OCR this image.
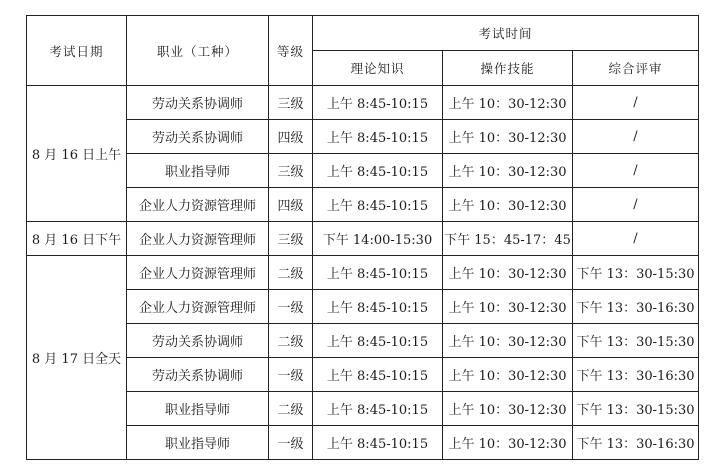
考试日期	职业（工种）	等级	考试时间		
			理论知识	操作技能	综合评审
8 月 16 日上午	劳动关系协调师	三级	上午 8:45-10:15	上午 10：30-12:30	/
	劳动关系协调师	四级	上午 8:45-10:15	上午 10：30-12:30	/
	职业指导师	三级	上午 8:45-10:15	上午 10：30-12:30	/
	企业人力资源管理师	四级	上午 8:45-10:15	上午 10：30-12:30	/
8 月 16 日下午	企业人力资源管理师	三级	下午 14:00-15:30	下午 15：45-17：45	/
8 月 17 日全天	企业人力资源管理师	二级	上午 8:45-10:15	上午 10：30-12:30	下午 13：30-15:30
	企业人力资源管理师	一级	上午 8:45-10:15	上午 10：30-12:30	下午 13：30-16:30
	劳动关系协调师	二级	上午 8:45-10:15	上午 10：30-12:30	下午 13：30-15:30
	劳动关系协调师	一级	上午 8:45-10:15	上午 10：30-12:30	下午 13：30-16:30
	职业指导师	二级	上午 8:45-10:15	上午 10：30-12:30	下午 13：30-15:30
	职业指导师	一级	上午 8:45-10:15	上午 10：30-12:30	下午 13：30-16:30
